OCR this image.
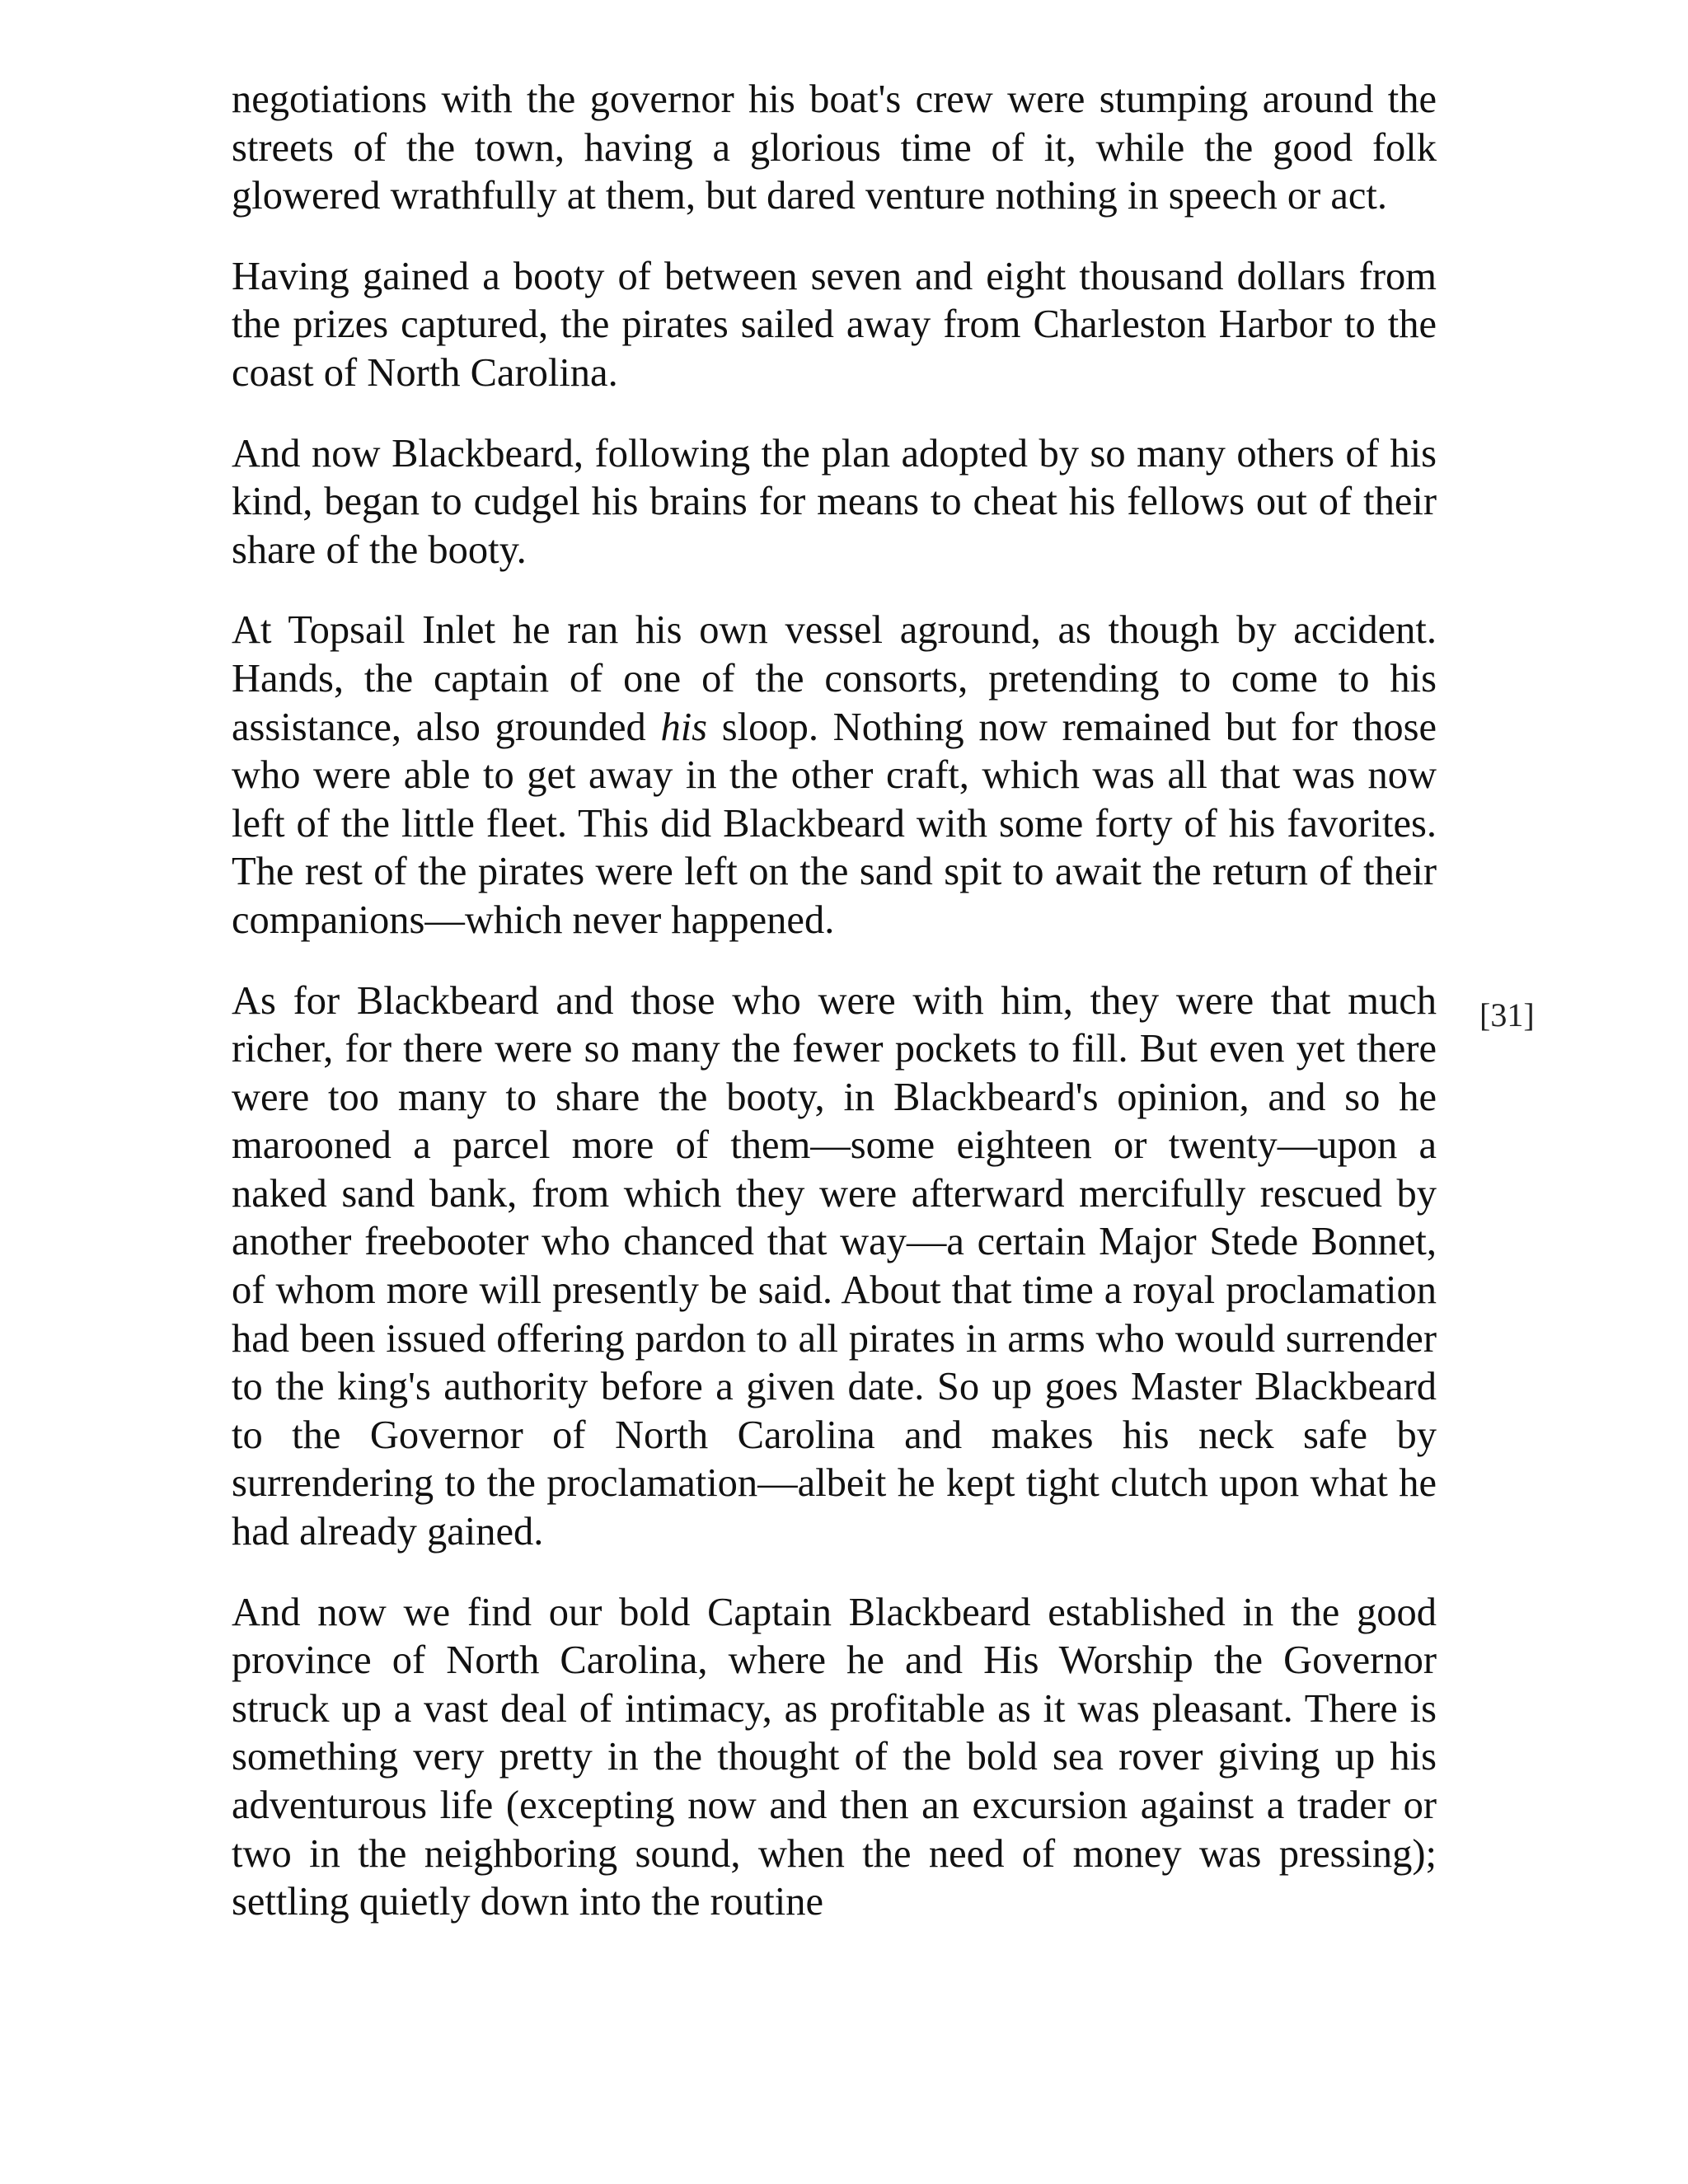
negotiations with the governor his boat's crew were stumping around the streets of the town, having a glorious time of it, while the good folk glowered wrathfully at them, but dared venture nothing in speech or act.

Having gained a booty of between seven and eight thousand dollars from the prizes captured, the pirates sailed away from Charleston Harbor to the coast of North Carolina.

And now Blackbeard, following the plan adopted by so many others of his kind, began to cudgel his brains for means to cheat his fellows out of their share of the booty.

At Topsail Inlet he ran his own vessel aground, as though by accident. Hands, the captain of one of the consorts, pretending to come to his assistance, also grounded his sloop. Nothing now remained but for those who were able to get away in the other craft, which was all that was now left of the little fleet. This did Blackbeard with some forty of his favorites. The rest of the pirates were left on the sand spit to await the return of their companions—which never happened.

As for Blackbeard and those who were with him, they were that much richer, for there were so many the fewer pockets to fill. But even yet there were too many to share the booty, in Blackbeard's opinion, and so he marooned a parcel more of them—some eighteen or twenty—upon a naked sand bank, from which they were afterward mercifully rescued by another freebooter who chanced that way—a certain Major Stede Bonnet, of whom more will presently be said. About that time a royal proclamation had been issued offering pardon to all pirates in arms who would surrender to the king's authority before a given date. So up goes Master Blackbeard to the Governor of North Carolina and makes his neck safe by surrendering to the proclamation—albeit he kept tight clutch upon what he had already gained.

And now we find our bold Captain Blackbeard established in the good province of North Carolina, where he and His Worship the Governor struck up a vast deal of intimacy, as profitable as it was pleasant. There is something very pretty in the thought of the bold sea rover giving up his adventurous life (excepting now and then an excursion against a trader or two in the neighboring sound, when the need of money was pressing); settling quietly down into the routine

[31]
